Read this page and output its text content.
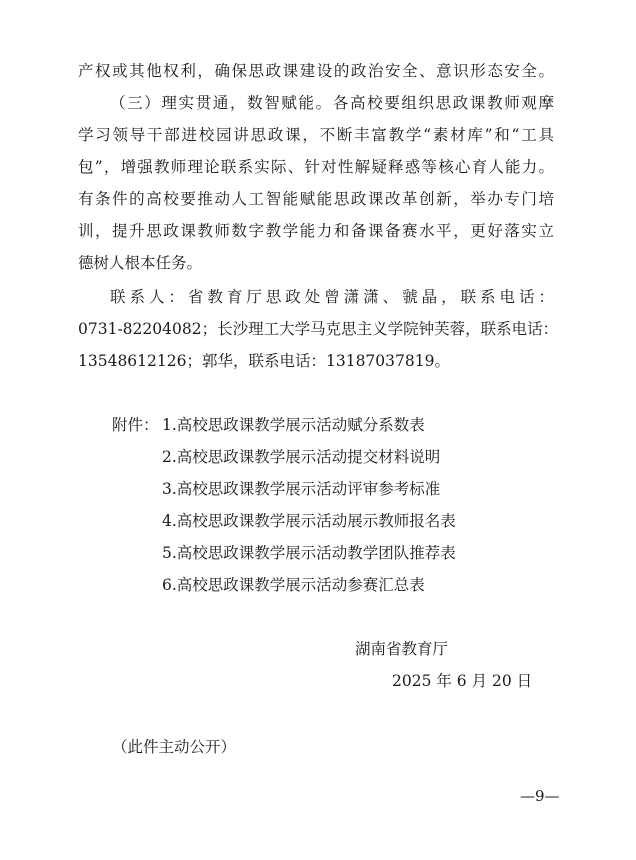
产权或其他权利，确保思政课建设的政治安全、意识形态安全。
（三）理实贯通，数智赋能。各高校要组织思政课教师观摩
学习领导干部进校园讲思政课，不断丰富教学“素材库”和“工具
包”，增强教师理论联系实际、针对性解疑释惑等核心育人能力。
有条件的高校要推动人工智能赋能思政课改革创新，举办专门培
训，提升思政课教师数字教学能力和备课备赛水平，更好落实立
德树人根本任务。
联系人：省教育厅思政处曾潇潇、虢晶，联系电话：
0731-82204082；长沙理工大学马克思主义学院钟芙蓉，联系电话：
13548612126；郭华，联系电话：13187037819。
附件： 1.高校思政课教学展示活动赋分系数表
2.高校思政课教学展示活动提交材料说明
3.高校思政课教学展示活动评审参考标准
4.高校思政课教学展示活动展示教师报名表
5.高校思政课教学展示活动教学团队推荐表
6.高校思政课教学展示活动参赛汇总表
湖南省教育厅
2025 年 6 月 20 日
（此件主动公开）
—9—
